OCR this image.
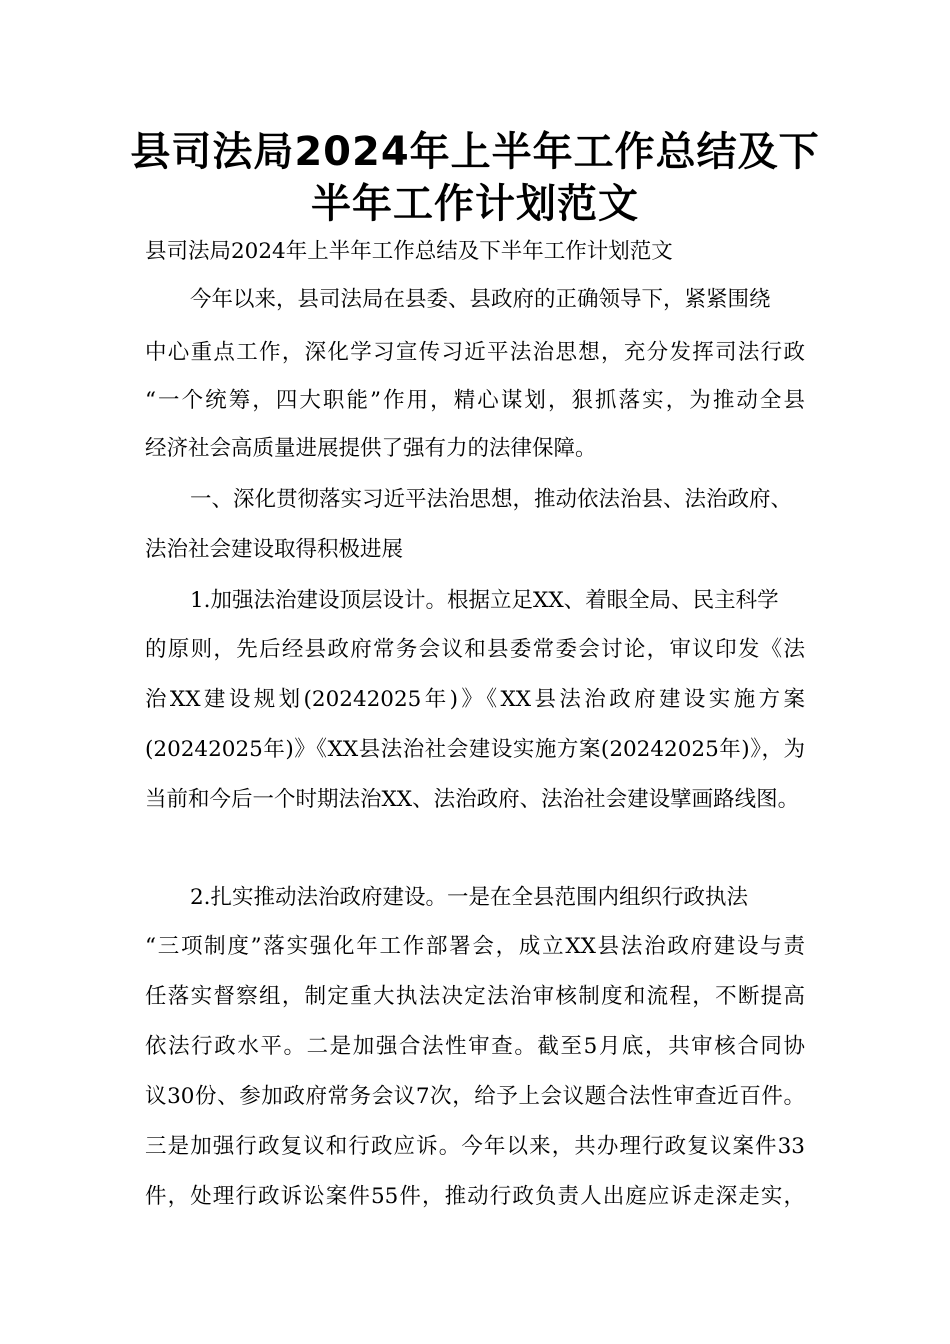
县司法局2024年上半年工作总结及下
半年工作计划范文
县司法局2024年上半年工作总结及下半年工作计划范文
今年以来，县司法局在县委、县政府的正确领导下，紧紧围绕
中心重点工作，深化学习宣传习近平法治思想，充分发挥司法行政
“一个统筹，四大职能”作用，精心谋划，狠抓落实，为推动全县
经济社会高质量进展提供了强有力的法律保障。
一、深化贯彻落实习近平法治思想，推动依法治县、法治政府、
法治社会建设取得积极进展
1.加强法治建设顶层设计。根据立足XX、着眼全局、民主科学
的原则，先后经县政府常务会议和县委常委会讨论，审议印发《法
治XX建设规划(20242025年)》《XX县法治政府建设实施方案
(20242025年)》《XX县法治社会建设实施方案(20242025年)》，为
当前和今后一个时期法治XX、法治政府、法治社会建设擘画路线图。
2.扎实推动法治政府建设。一是在全县范围内组织行政执法
“三项制度”落实强化年工作部署会，成立XX县法治政府建设与责
任落实督察组，制定重大执法决定法治审核制度和流程，不断提高
依法行政水平。二是加强合法性审查。截至5月底，共审核合同协
议30份、参加政府常务会议7次，给予上会议题合法性审查近百件。
三是加强行政复议和行政应诉。今年以来，共办理行政复议案件33
件，处理行政诉讼案件55件，推动行政负责人出庭应诉走深走实，
